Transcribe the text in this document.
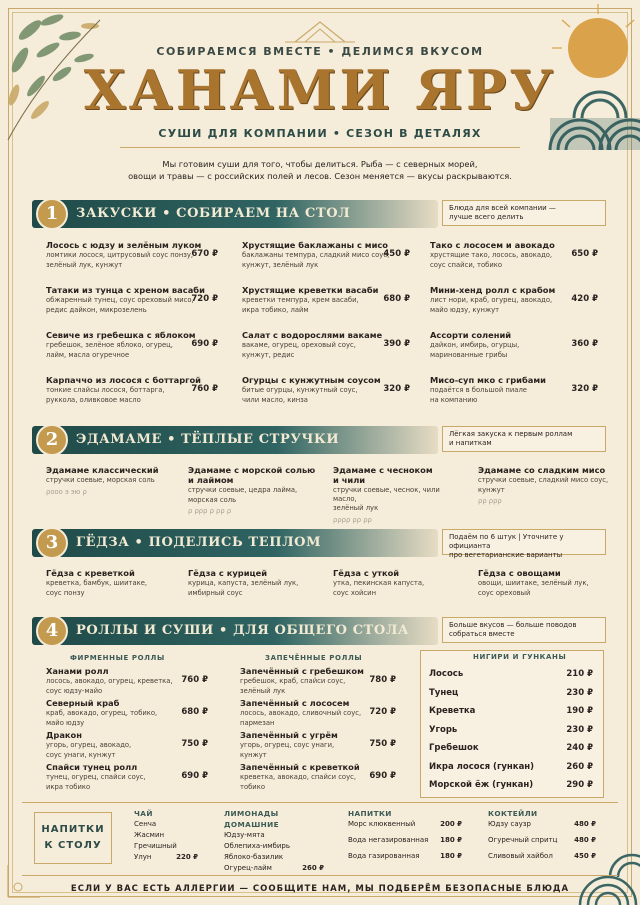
СОБИРАЕМСЯ ВМЕСТЕ • ДЕЛИМСЯ ВКУСОМ
ХАНАМИ ЯРУ
СУШИ ДЛЯ КОМПАНИИ • СЕЗОН В ДЕТАЛЯХ
Мы готовим суши для того, чтобы делиться. Рыба — с северных морей,
овощи и травы — с российских полей и лесов. Сезон меняется — вкусы раскрываются.
1	ЗАКУСКИ • СОБИРАЕМ НА СТОЛ	Блюда для всей компании —
лучше всего делить
Лосось с юдзу и зелёным луком
ломтики лосося, цитрусовый соус понзу,
зелёный лук, кунжут
670 ₽
Татаки из тунца с хреном васаби
обжаренный тунец, соус ореховый мисо,
редис дайкон, микрозелень
720 ₽
Севиче из гребешка с яблоком
гребешок, зелёное яблоко, огурец,
лайм, масла огуречное
690 ₽
Карпаччо из лосося с боттаргой
тонкие слайсы лосося, боттарга,
руккола, оливковое масло
760 ₽
Хрустящие баклажаны с мисо
баклажаны темпура, сладкий мисо соус,
кунжут, зелёный лук
450 ₽
Хрустящие креветки васаби
креветки темпура, крем васаби,
икра тобико, лайм
680 ₽
Салат с водорослями вакаме
вакаме, огурец, ореховый соус,
кунжут, редис
390 ₽
Огурцы с кунжутным соусом
битые огурцы, кунжутный соус,
чили масло, кинза
320 ₽
Тако с лососем и авокадо
хрустящие тако, лосось, авокадо,
соус спайси, тобико
650 ₽
Мини-хенд ролл с крабом
лист нори, краб, огурец, авокадо,
майо юдзу, кунжут
420 ₽
Ассорти солений
дайкон, имбирь, огурцы,
маринованные грибы
360 ₽
Мисо-суп мко с грибами
подаётся в большой пиале
на компанию
320 ₽
2	ЭДАМАМЕ • ТЁПЛЫЕ СТРУЧКИ	Лёгкая закуска к первым роллам
и напиткам
Эдамаме классический
стручки соевые, морская соль
ροοο э эю ρ
Эдамаме с морской солью
и лаймом
стручки соевые, цедра лайма,
морская соль
ρ ρρρ ρ ρρ ρ
Эдамаме с чесноком
и чили
стручки соевые, чеснок, чили масло,
зелёный лук
ρρρρ ρρ ρρ
Эдамаме со сладким мисо
стручки соевые, сладкий мисо соус,
кунжут
ρρ ρρρ
3	ГЁДЗА • ПОДЕЛИСЬ ТЕПЛОМ	Подаём по 6 штук | Уточните у официанта
про вегетарианские варианты
Гёдза с креветкой
креветка, бамбук, шиитаке,
соус понзу
Гёдза с курицей
курица, капуста, зелёный лук,
имбирный соус
Гёдза с уткой
утка, пекинская капуста,
соус хойсин
Гёдза с овощами
овощи, шиитаке, зелёный лук,
соус ореховый
4	РОЛЛЫ И СУШИ • ДЛЯ ОБЩЕГО СТОЛА	Больше вкусов — больше поводов
собраться вместе
ФИРМЕННЫЕ РОЛЛЫ	ЗАПЕЧЁННЫЕ РОЛЛЫ	НИГИРИ И ГУНКАНЫ
Лосось	210 ₽
Тунец	230 ₽
Креветка	190 ₽
Угорь	230 ₽
Гребешок	240 ₽
Икра лосося (гункан)	260 ₽
Морской ёж (гункан)	290 ₽
Ханами ролл
лосось, авокадо, огурец, креветка,
соус юдзу-майо
760 ₽
Запечённый с гребешком
гребешок, краб, спайси соус,
зелёный лук
780 ₽
Северный краб
краб, авокадо, огурец, тобико,
майо юдзу
680 ₽
Запечённый с лососем
лосось, авокадо, сливочный соус,
пармезан
720 ₽
Дракон
угорь, огурец, авокадо,
соус унаги, кунжут
750 ₽
Запечённый с угрём
угорь, огурец, соус унаги,
кунжут
750 ₽
Спайси тунец ролл
тунец, огурец, спайси соус,
икра тобико
690 ₽
Запечённый с креветкой
креветка, авокадо, спайси соус,
тобико
690 ₽
НАПИТКИ
К СТОЛУ
ЧАЙ
Сенча
Жасмин
Гречишный
Улун	220 ₽
ЛИМОНАДЫ ДОМАШНИЕ
Юдзу-мята
Облепиха-имбирь
Яблоко-базилик
Огурец-лайм	260 ₽
НАПИТКИ
Морс клюквенный	200 ₽
Вода негазированная 180 ₽
Вода газированная	180 ₽
КОКТЕЙЛИ
Юдзу саузр	480 ₽
Огуречный спритц 480 ₽
Сливовый хайбол	450 ₽
ЕСЛИ У ВАС ЕСТЬ АЛЛЕРГИИ — СООБЩИТЕ НАМ, МЫ ПОДБЕРЁМ БЕЗОПАСНЫЕ БЛЮДА
